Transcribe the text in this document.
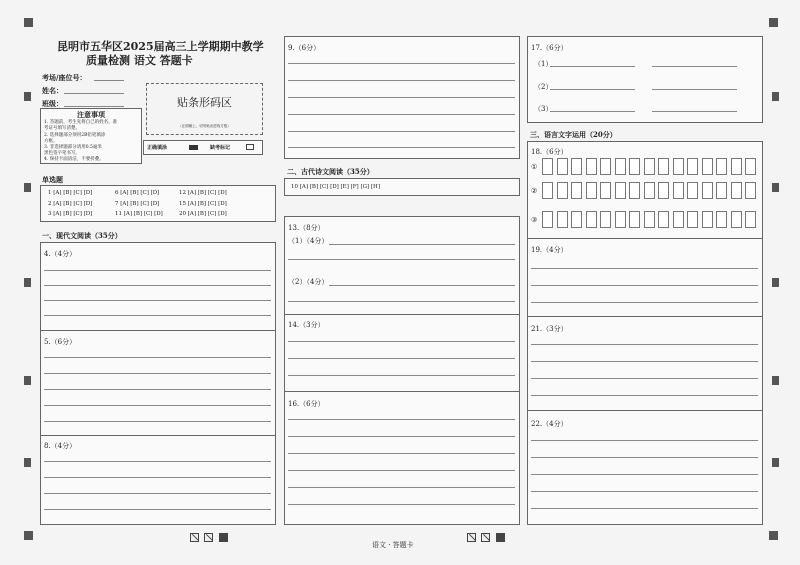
昆明市五华区2025届高三上学期期中教学
质量检测 语文 答题卡
考场/座位号：
姓名：
班级：	贴条形码区
（正面朝上，切勿贴出虚线方框）
注意事项
1. 答题前，考生先将自己的姓名、准
考证号填写清楚。
2. 选择题部分须用2B铅笔填涂
方框。
3. 非选择题部分请用0.5毫米
黑色签字笔书写。
4. 保持卡面清洁，不要折叠。
正确填涂	缺考标记
单选题
1 [A] [B] [C] [D]	6 [A] [B] [C] [D]	12 [A] [B] [C] [D]
2 [A] [B] [C] [D]	7 [A] [B] [C] [D]	15 [A] [B] [C] [D]
3 [A] [B] [C] [D]	11 [A] [B] [C] [D]	20 [A] [B] [C] [D]
一、现代文阅读（35分）
4.（4分）
5.（6分）
8.（4分）
9.（6分）
二、古代诗文阅读（35分）
10 [A] [B] [C] [D] [E] [F] [G] [H]
13.（8分）
（1）（4分）
（2）（4分）
14.（3分）
16.（6分）
17.（6分）
（1）
（2）
（3）
三、语言文字运用（20分）
18.（6分）
①
②
③
19.（4分）
21.（3分）
22.（4分）
语文 · 答题卡
